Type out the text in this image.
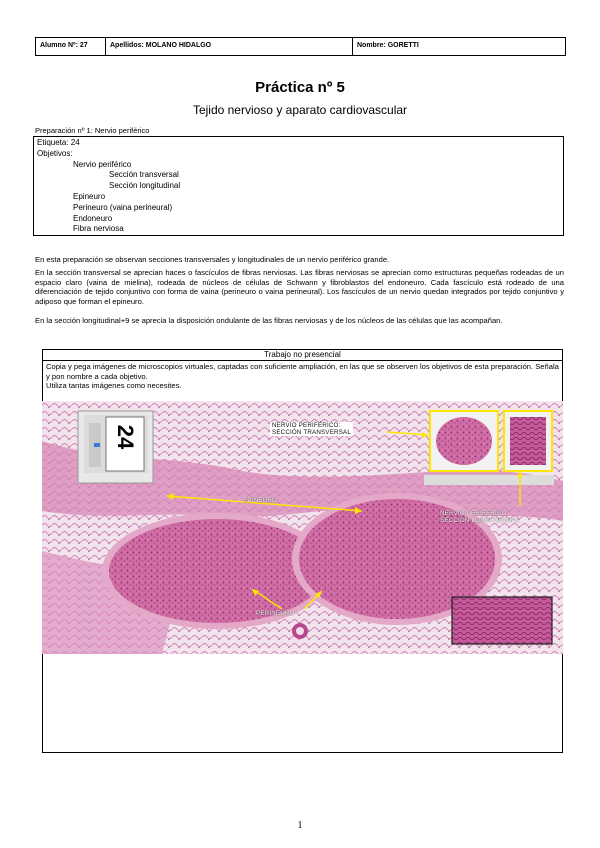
Alumno Nº: 27	Apellidos: MOLANO HIDALGO	Nombre: GORETTI
Práctica nº 5
Tejido nervioso y aparato cardiovascular
Preparación nº 1: Nervio periférico
Etiqueta: 24
Objetivos:
Nervio periférico
Sección transversal
Sección longitudinal
Epineuro
Perineuro (vaina perineural)
Endoneuro
Fibra nerviosa
En esta preparación se observan secciones transversales y longitudinales de un nervio periférico grande.
En la sección transversal se aprecian haces o fascículos de fibras nerviosas. Las fibras nerviosas se aprecian como estructuras pequeñas rodeadas de un espacio claro (vaina de mielina), rodeada de núcleos de células de Schwann y fibroblastos del endoneuro. Cada fascículo está rodeado de una diferenciación de tejido conjuntivo con forma de vaina (perineuro o vaina perineural). Los fascículos de un nervio quedan integrados por tejido conjuntivo y adiposo que forman el epineuro.
En la sección longitudinal+9 se aprecia la disposición ondulante de las fibras nerviosas y de los núcleos de las células que las acompañan.
Trabajo no presencial
Copia y pega imágenes de microscopios virtuales, captadas con suficiente ampliación, en las que se observen los objetivos de esta preparación. Señala y pon nombre a cada objetivo.
Utiliza tantas imágenes como necesites.
24	NERVIO PERIFÉRICO:
SECCIÓN TRANSVERSAL
EPINEURO
NERVIO PERIFÉRICO:
SECCIÓN LONGITUDINAL
PERINEURO
1
